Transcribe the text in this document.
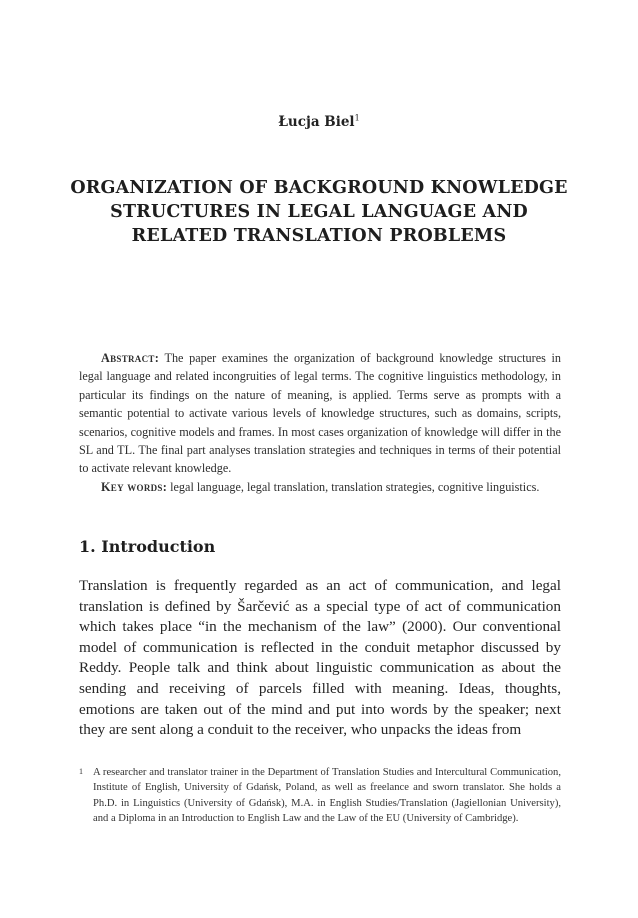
Łucja Biel$^1$
ORGANIZATION OF BACKGROUND KNOWLEDGE STRUCTURES IN LEGAL LANGUAGE AND RELATED TRANSLATION PROBLEMS

Abstract: The paper examines the organization of background knowledge structures in legal language and related incongruities of legal terms. The cognitive linguistics methodology, in particular its findings on the nature of meaning, is applied. Terms serve as prompts with a semantic potential to activate various levels of knowledge structures, such as domains, scripts, scenarios, cognitive models and frames. In most cases organization of knowledge will differ in the SL and TL. The final part analyses translation strategies and techniques in terms of their potential to activate relevant knowledge.

Key words: legal language, legal translation, translation strategies, cognitive linguistics.

1. Introduction

Translation is frequently regarded as an act of communication, and legal translation is defined by Šarčević as a special type of act of communication which takes place “in the mechanism of the law” (2000). Our conventional model of communication is reflected in the conduit metaphor discussed by Reddy. People talk and think about linguistic communication as about the sending and receiving of parcels filled with meaning. Ideas, thoughts, emotions are taken out of the mind and put into words by the speaker; next they are sent along a conduit to the receiver, who unpacks the ideas from

1 A researcher and translator trainer in the Department of Translation Studies and Intercultural Communication, Institute of English, University of Gdańsk, Poland, as well as freelance and sworn translator. She holds a Ph.D. in Linguistics (University of Gdańsk), M.A. in English Studies/Translation (Jagiellonian University), and a Diploma in an Introduction to English Law and the Law of the EU (University of Cambridge).
